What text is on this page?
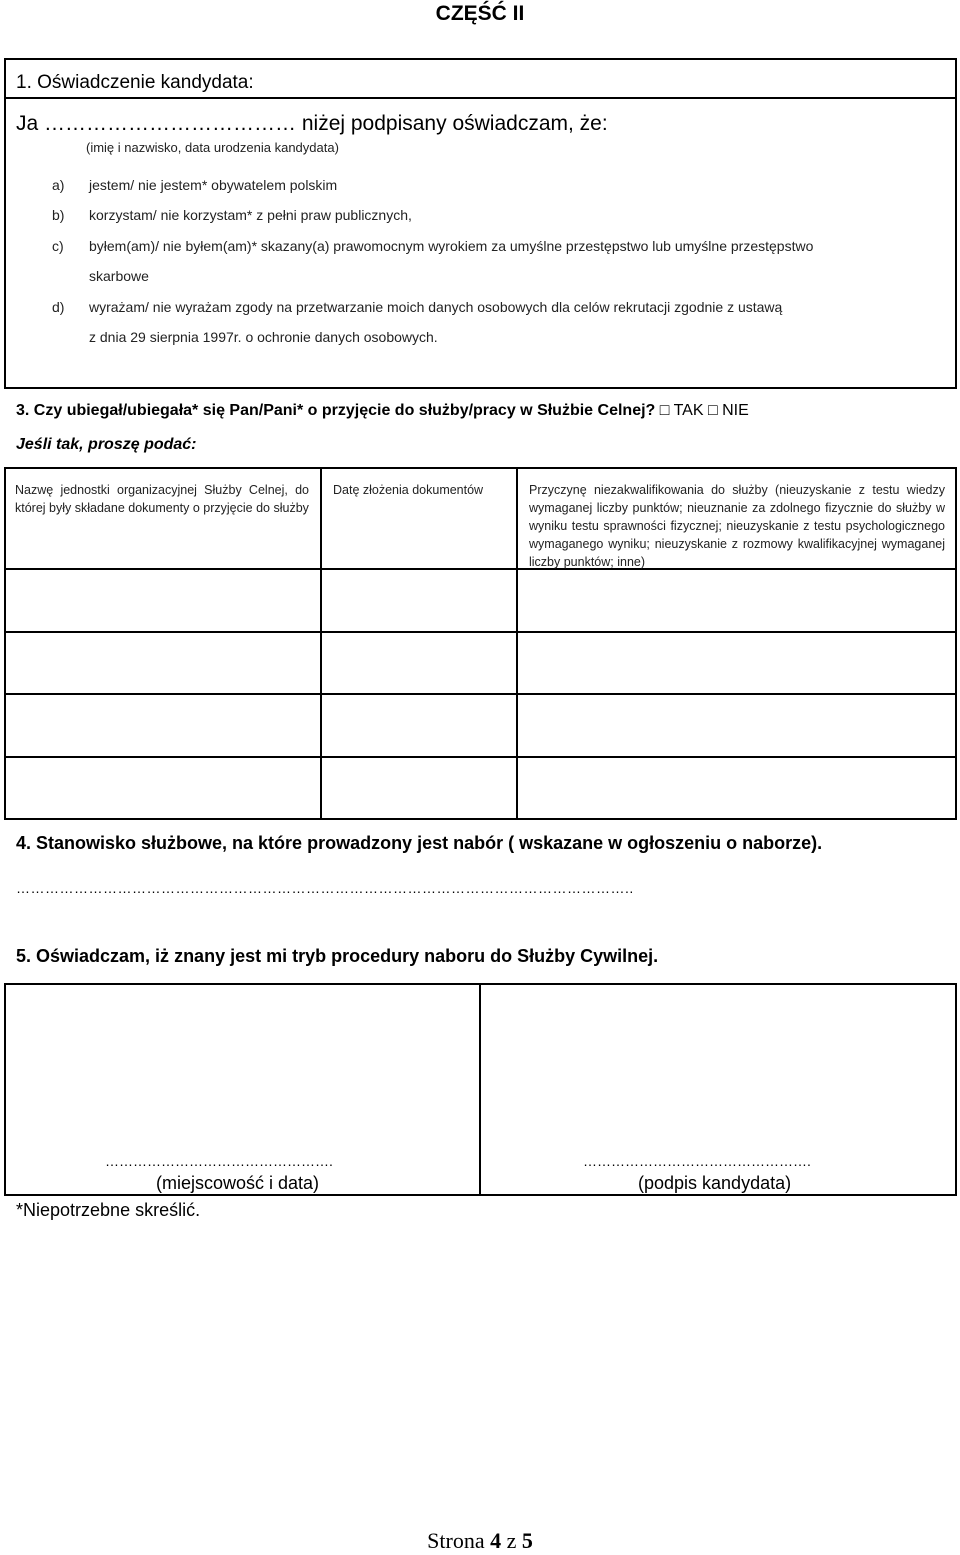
CZĘŚĆ II
1. Oświadczenie kandydata:
Ja ……………………………… niżej podpisany oświadczam, że:
(imię i nazwisko, data urodzenia kandydata)
a) jestem/ nie jestem* obywatelem polskim
b) korzystam/ nie korzystam* z pełni praw publicznych,
c) byłem(am)/ nie byłem(am)* skazany(a) prawomocnym wyrokiem za umyślne przestępstwo lub umyślne przestępstwo
skarbowe
d) wyrażam/ nie wyrażam zgody na przetwarzanie moich danych osobowych dla celów rekrutacji zgodnie z ustawą
z dnia 29 sierpnia 1997r. o ochronie danych osobowych.
3. Czy ubiegał/ubiegała* się Pan/Pani* o przyjęcie do służby/pracy w Służbie Celnej? □ TAK □ NIE
Jeśli tak, proszę podać:
Nazwę jednostki organizacyjnej Służby Celnej, do której były składane dokumenty o przyjęcie do służby
Datę złożenia dokumentów	Przyczynę niezakwalifikowania do służby (nieuzyskanie z testu wiedzy wymaganej liczby punktów; nieuznanie za zdolnego fizycznie do służby w wyniku testu sprawności fizycznej; nieuzyskanie z testu psychologicznego wymaganego wyniku; nieuzyskanie z rozmowy kwalifikacyjnej wymaganej liczby punktów; inne)
4. Stanowisko służbowe, na które prowadzony jest nabór ( wskazane w ogłoszeniu o naborze).
………………………………………………………………………………………………………………..
5. Oświadczam, iż znany jest mi tryb procedury naboru do Służby Cywilnej.
………………………………………….
(miejscowość i data)
………………………………………….
(podpis kandydata)
*Niepotrzebne skreślić.
Strona 4 z 5
